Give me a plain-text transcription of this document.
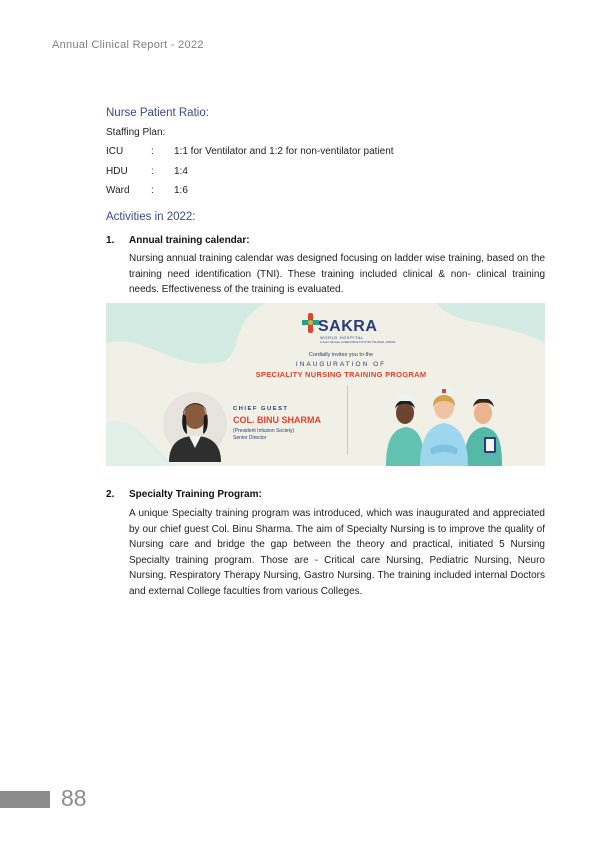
Annual Clinical Report - 2022
Nurse Patient Ratio:
Staffing Plan:
ICU	: 1:1 for Ventilator and 1:2 for non-ventilator patient
HDU : 1:4
Ward : 1:6
Activities in 2022:
1. Annual training calendar:
Nursing annual training calendar was designed focusing on ladder wise training, based on the training need identification (TNI). These training included clinical & non- clinical training needs. Effectiveness of the training is evaluated.
SAKRA
WORLD HOSPITAL
A Joint Venture of SECOM & TOYOTA TSUSHO, JAPAN
Cordially invites you to the
INAUGURATION OF
SPECIALITY NURSING TRAINING PROGRAM
CHIEF GUEST
COL. BINU SHARMA
(President Infusion Society)
Senior Director
2. Specialty Training Program:
A unique Specialty training program was introduced, which was inaugurated and appreciated by our chief guest Col. Binu Sharma. The aim of Specialty Nursing is to improve the quality of Nursing care and bridge the gap between the theory and practical, initiated 5 Nursing Specialty training program. Those are - Critical care Nursing, Pediatric Nursing, Neuro Nursing, Respiratory Therapy Nursing, Gastro Nursing. The training included internal Doctors and external College faculties from various Colleges.
88
